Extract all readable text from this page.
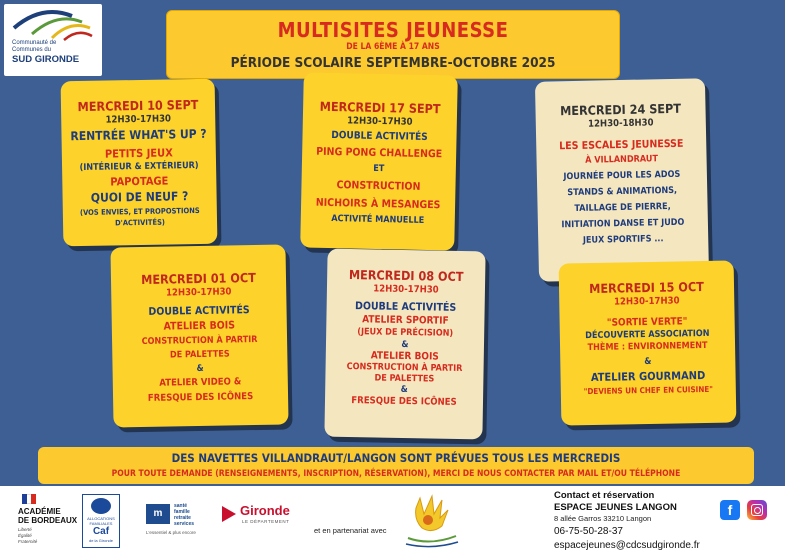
Communauté de
Communes du
SUD GIRONDE
MULTISITES JEUNESSE
DE LA 6ÈME À 17 ANS
PÉRIODE SCOLAIRE SEPTEMBRE-OCTOBRE 2025
MERCREDI 10 SEPT
12H30-17H30
RENTRÉE WHAT'S UP ?
PETITS JEUX
(INTÉRIEUR & EXTÉRIEUR)
PAPOTAGE
QUOI DE NEUF ?
(VOS ENVIES, ET PROPOSTIONS
D'ACTIVITÉS)
MERCREDI 17 SEPT
12H30-17H30
DOUBLE ACTIVITÉS
PING PONG CHALLENGE
ET
CONSTRUCTION
NICHOIRS À MESANGES
ACTIVITÉ MANUELLE
MERCREDI 24 SEPT
12H30-18H30
LES ESCALES JEUNESSE
À VILLANDRAUT
JOURNÉE POUR LES ADOS
STANDS & ANIMATIONS,
TAILLAGE DE PIERRE,
INITIATION DANSE ET JUDO
JEUX SPORTIFS ...
MERCREDI 01 OCT
12H30-17H30
DOUBLE ACTIVITÉS
ATELIER BOIS
CONSTRUCTION À PARTIR
DE PALETTES
&
ATELIER VIDEO &
FRESQUE DES ICÔNES
MERCREDI 08 OCT
12H30-17H30
DOUBLE ACTIVITÉS
ATELIER SPORTIF
(JEUX DE PRÉCISION)
&
ATELIER BOIS
CONSTRUCTION À PARTIR
DE PALETTES
&
FRESQUE DES ICÔNES
MERCREDI 15 OCT
12H30-17H30
"SORTIE VERTE"
DÉCOUVERTE ASSOCIATION
THÈME : ENVIRONNEMENT
&
ATELIER GOURMAND
"DEVIENS UN CHEF EN CUISINE"
DES NAVETTES VILLANDRAUT/LANGON SONT PRÉVUES TOUS LES MERCREDIS
POUR TOUTE DEMANDE (RENSEIGNEMENTS, INSCRIPTION, RÉSERVATION), MERCI DE NOUS CONTACTER PAR MAIL ET/OU TÉLÉPHONE
ACADÉMIE
DE BORDEAUX
Liberté
Égalité
Fraternité
ALLOCATIONS
FAMILIALES
Caf
de la Gironde
m
santé
famille
retraite
services
L'essentiel & plus encore
Gironde
LE DÉPARTEMENT
et en partenariat avec
Contact et réservation
ESPACE JEUNES LANGON
8 allée Garros 33210 Langon
06-75-50-28-37
espacejeunes@cdcsudgironde.fr
f
